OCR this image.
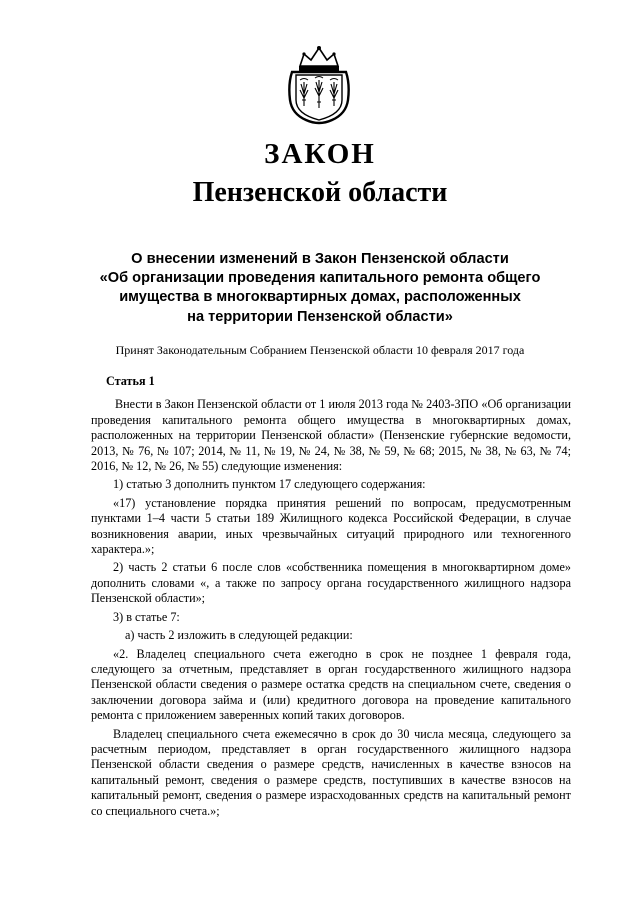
ЗАКОН
Пензенской области
О внесении изменений в Закон Пензенской области
«Об организации проведения капитального ремонта общего
имущества в многоквартирных домах, расположенных
на территории Пензенской области»

Принят Законодательным Собранием Пензенской области 10 февраля 2017 года

Статья 1

Внести в Закон Пензенской области от 1 июля 2013 года № 2403-ЗПО «Об организации проведения капитального ремонта общего имущества в многоквартирных домах, расположенных на территории Пензенской области» (Пензенские губернские ведомости, 2013, № 76, № 107; 2014, № 11, № 19, № 24, № 38, № 59, № 68; 2015, № 38, № 63, № 74; 2016, № 12, № 26, № 55) следующие изменения:

1) статью 3 дополнить пунктом 17 следующего содержания:

«17) установление порядка принятия решений по вопросам, предусмотренным пунктами 1–4 части 5 статьи 189 Жилищного кодекса Российской Федерации, в случае возникновения аварии, иных чрезвычайных ситуаций природного или техногенного характера.»;

2) часть 2 статьи 6 после слов «собственника помещения в многоквартирном доме» дополнить словами «, а также по запросу органа государственного жилищного надзора Пензенской области»;

3) в статье 7:

а) часть 2 изложить в следующей редакции:

«2. Владелец специального счета ежегодно в срок не позднее 1 февраля года, следующего за отчетным, представляет в орган государственного жилищного надзора Пензенской области сведения о размере остатка средств на специальном счете, сведения о заключении договора займа и (или) кредитного договора на проведение капитального ремонта с приложением заверенных копий таких договоров.

Владелец специального счета ежемесячно в срок до 30 числа месяца, следующего за расчетным периодом, представляет в орган государственного жилищного надзора Пензенской области сведения о размере средств, начисленных в качестве взносов на капитальный ремонт, сведения о размере средств, поступивших в качестве взносов на капитальный ремонт, сведения о размере израсходованных средств на капитальный ремонт со специального счета.»;
